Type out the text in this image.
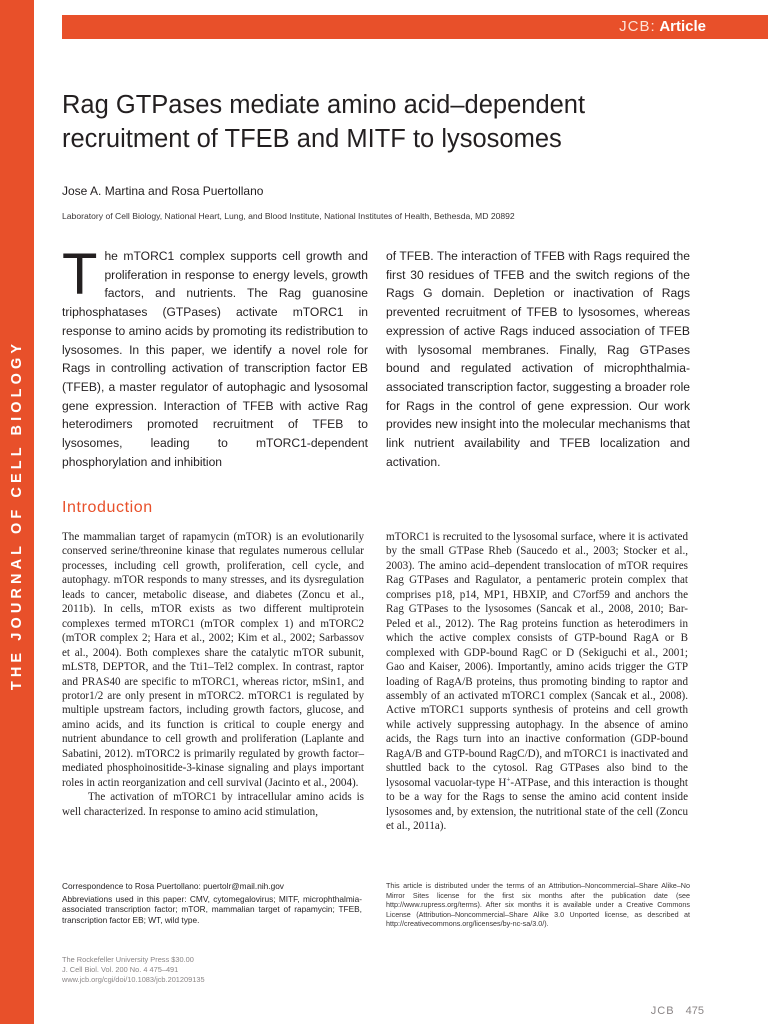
THE JOURNAL OF CELL BIOLOGY
JCB: Article
Rag GTPases mediate amino acid–dependent recruitment of TFEB and MITF to lysosomes
Jose A. Martina and Rosa Puertollano
Laboratory of Cell Biology, National Heart, Lung, and Blood Institute, National Institutes of Health, Bethesda, MD 20892

The mTORC1 complex supports cell growth and proliferation in response to energy levels, growth factors, and nutrients. The Rag guanosine triphosphatases (GTPases) activate mTORC1 in response to amino acids by promoting its redistribution to lysosomes. In this paper, we identify a novel role for Rags in controlling activation of transcription factor EB (TFEB), a master regulator of autophagic and lysosomal gene expression. Interaction of TFEB with active Rag heterodimers promoted recruitment of TFEB to lysosomes, leading to mTORC1-dependent phosphorylation and inhibition

of TFEB. The interaction of TFEB with Rags required the first 30 residues of TFEB and the switch regions of the Rags G domain. Depletion or inactivation of Rags prevented recruitment of TFEB to lysosomes, whereas expression of active Rags induced association of TFEB with lysosomal membranes. Finally, Rag GTPases bound and regulated activation of microphthalmia-associated transcription factor, suggesting a broader role for Rags in the control of gene expression. Our work provides new insight into the molecular mechanisms that link nutrient availability and TFEB localization and activation.

Introduction

The mammalian target of rapamycin (mTOR) is an evolutionarily conserved serine/threonine kinase that regulates numerous cellular processes, including cell growth, proliferation, cell cycle, and autophagy. mTOR responds to many stresses, and its dysregulation leads to cancer, metabolic disease, and diabetes (Zoncu et al., 2011b). In cells, mTOR exists as two different multiprotein complexes termed mTORC1 (mTOR complex 1) and mTORC2 (mTOR complex 2; Hara et al., 2002; Kim et al., 2002; Sarbassov et al., 2004). Both complexes share the catalytic mTOR subunit, mLST8, DEPTOR, and the Tti1–Tel2 complex. In contrast, raptor and PRAS40 are specific to mTORC1, whereas rictor, mSin1, and protor1/2 are only present in mTORC2. mTORC1 is regulated by multiple upstream factors, including growth factors, glucose, and amino acids, and its function is critical to couple energy and nutrient abundance to cell growth and proliferation (Laplante and Sabatini, 2012). mTORC2 is primarily regulated by growth factor–mediated phosphoinositide-3-kinase signaling and plays important roles in actin reorganization and cell survival (Jacinto et al., 2004).

The activation of mTORC1 by intracellular amino acids is well characterized. In response to amino acid stimulation,

mTORC1 is recruited to the lysosomal surface, where it is activated by the small GTPase Rheb (Saucedo et al., 2003; Stocker et al., 2003). The amino acid–dependent translocation of mTOR requires Rag GTPases and Ragulator, a pentameric protein complex that comprises p18, p14, MP1, HBXIP, and C7orf59 and anchors the Rag GTPases to the lysosomes (Sancak et al., 2008, 2010; Bar-Peled et al., 2012). The Rag proteins function as heterodimers in which the active complex consists of GTP-bound RagA or B complexed with GDP-bound RagC or D (Sekiguchi et al., 2001; Gao and Kaiser, 2006). Importantly, amino acids trigger the GTP loading of RagA/B proteins, thus promoting binding to raptor and assembly of an activated mTORC1 complex (Sancak et al., 2008). Active mTORC1 supports synthesis of proteins and cell growth while actively suppressing autophagy. In the absence of amino acids, the Rags turn into an inactive conformation (GDP-bound RagA/B and GTP-bound RagC/D), and mTORC1 is inactivated and shuttled back to the cytosol. Rag GTPases also bind to the lysosomal vacuolar-type H+-ATPase, and this interaction is thought to be a way for the Rags to sense the amino acid content inside lysosomes and, by extension, the nutritional state of the cell (Zoncu et al., 2011a).

Correspondence to Rosa Puertollano: puertolr@mail.nih.gov
Abbreviations used in this paper: CMV, cytomegalovirus; MITF, microphthalmia-associated transcription factor; mTOR, mammalian target of rapamycin; TFEB, transcription factor EB; WT, wild type.
This article is distributed under the terms of an Attribution–Noncommercial–Share Alike–No Mirror Sites license for the first six months after the publication date (see http://www.rupress.org/terms). After six months it is available under a Creative Commons License (Attribution–Noncommercial–Share Alike 3.0 Unported license, as described at http://creativecommons.org/licenses/by-nc-sa/3.0/).
The Rockefeller University Press $30.00
J. Cell Biol. Vol. 200 No. 4 475–491
www.jcb.org/cgi/doi/10.1083/jcb.201209135
JCB 475
